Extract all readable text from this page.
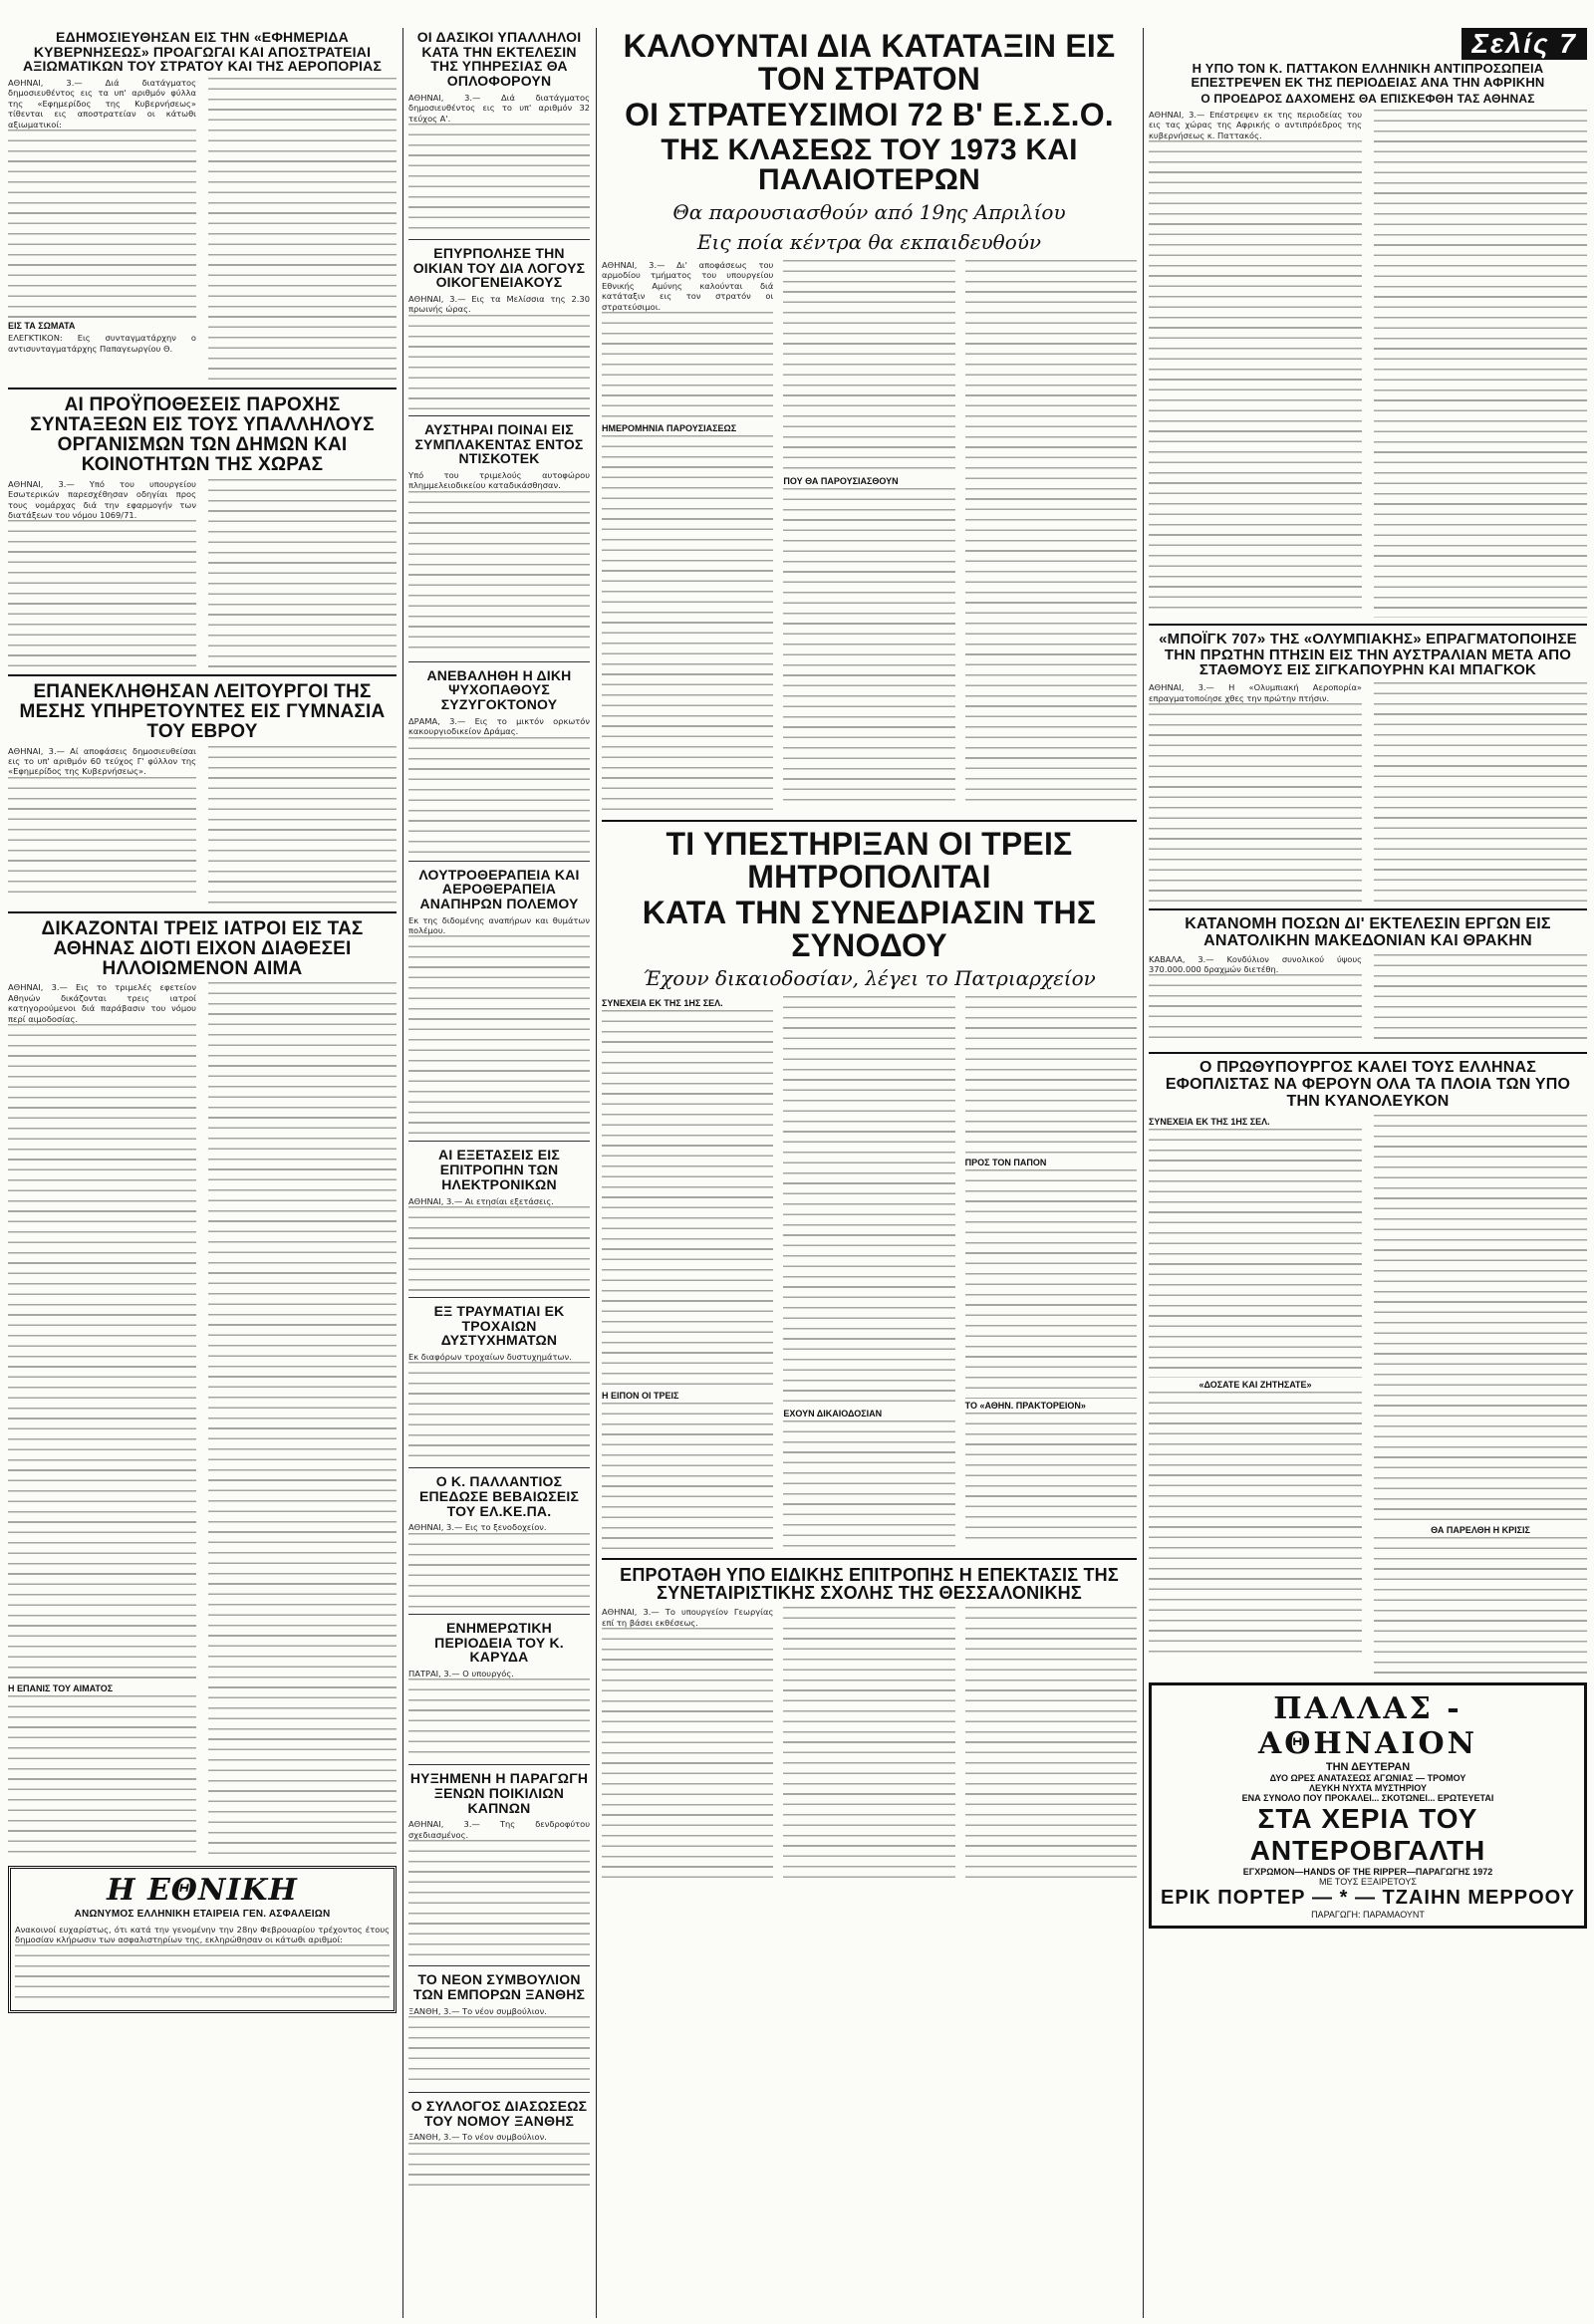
ΕΔΗΜΟΣΙΕΥΘΗΣΑΝ ΕΙΣ ΤΗΝ «ΕΦΗΜΕΡΙΔΑ ΚΥΒΕΡΝΗΣΕΩΣ» ΠΡΟΑΓΩΓΑΙ ΚΑΙ ΑΠΟΣΤΡΑΤΕΙΑΙ ΑΞΙΩΜΑΤΙΚΩΝ ΤΟΥ ΣΤΡΑΤΟΥ ΚΑΙ ΤΗΣ ΑΕΡΟΠΟΡΙΑΣ
ΑΘΗΝΑΙ, 3.— Διά διατάγματος δημοσιευθέντος εις τα υπ' αριθμόν φύλλα της «Εφημερίδος της Κυβερνήσεως» τίθενται εις αποστρατείαν οι κάτωθι αξιωματικοί:
ΕΙΣ ΤΑ ΣΩΜΑΤΑ
ΕΛΕΓΚΤΙΚΟΝ: Εις συνταγματάρχην ο αντισυνταγματάρχης Παπαγεωργίου Θ.
ΑΙ ΠΡΟΫΠΟΘΕΣΕΙΣ ΠΑΡΟΧΗΣ ΣΥΝΤΑΞΕΩΝ ΕΙΣ ΤΟΥΣ ΥΠΑΛΛΗΛΟΥΣ ΟΡΓΑΝΙΣΜΩΝ ΤΩΝ ΔΗΜΩΝ ΚΑΙ ΚΟΙΝΟΤΗΤΩΝ ΤΗΣ ΧΩΡΑΣ
ΑΘΗΝΑΙ, 3.— Υπό του υπουργείου Εσωτερικών παρεσχέθησαν οδηγίαι προς τους νομάρχας διά την εφαρμογήν των διατάξεων του νόμου 1069/71.
ΕΠΑΝΕΚΛΗΘΗΣΑΝ ΛΕΙΤΟΥΡΓΟΙ ΤΗΣ ΜΕΣΗΣ ΥΠΗΡΕΤΟΥΝΤΕΣ ΕΙΣ ΓΥΜΝΑΣΙΑ ΤΟΥ ΕΒΡΟΥ
ΑΘΗΝΑΙ, 3.— Αί αποφάσεις δημοσιευθείσαι εις το υπ' αριθμόν 60 τεύχος Γ' φύλλον της «Εφημερίδος της Κυβερνήσεως».
ΔΙΚΑΖΟΝΤΑΙ ΤΡΕΙΣ ΙΑΤΡΟΙ ΕΙΣ ΤΑΣ ΑΘΗΝΑΣ ΔΙΟΤΙ ΕΙΧΟΝ ΔΙΑΘΕΣΕΙ ΗΛΛΟΙΩΜΕΝΟΝ ΑΙΜΑ
ΑΘΗΝΑΙ, 3.— Εις το τριμελές εφετείον Αθηνών δικάζονται τρεις ιατροί κατηγορούμενοι διά παράβασιν του νόμου περί αιμοδοσίας.
Η ΕΠΑΝΙΣ ΤΟΥ ΑΙΜΑΤΟΣ
Η ΕΘΝΙΚΗ
ΑΝΩΝΥΜΟΣ ΕΛΛΗΝΙΚΗ ΕΤΑΙΡΕΙΑ ΓΕΝ. ΑΣΦΑΛΕΙΩΝ
Ανακοινοί ευχαρίστως, ότι κατά την γενομένην την 28ην Φεβρουαρίου τρέχοντος έτους δημοσίαν κλήρωσιν των ασφαλιστηρίων της, εκληρώθησαν οι κάτωθι αριθμοί:
ΟΙ ΔΑΣΙΚΟΙ ΥΠΑΛΛΗΛΟΙ ΚΑΤΑ ΤΗΝ ΕΚΤΕΛΕΣΙΝ ΤΗΣ ΥΠΗΡΕΣΙΑΣ ΘΑ ΟΠΛΟΦΟΡΟΥΝ
ΑΘΗΝΑΙ, 3.— Διά διατάγματος δημοσιευθέντος εις το υπ' αριθμόν 32 τεύχος Α'.
ΕΠΥΡΠΟΛΗΣΕ ΤΗΝ ΟΙΚΙΑΝ ΤΟΥ ΔΙΑ ΛΟΓΟΥΣ ΟΙΚΟΓΕΝΕΙΑΚΟΥΣ
ΑΘΗΝΑΙ, 3.— Εις τα Μελίσσια της 2.30 πρωινής ώρας.
ΑΥΣΤΗΡΑΙ ΠΟΙΝΑΙ ΕΙΣ ΣΥΜΠΛΑΚΕΝΤΑΣ ΕΝΤΟΣ ΝΤΙΣΚΟΤΕΚ
Υπό του τριμελούς αυτοφώρου πλημμελειοδικείου καταδικάσθησαν.
ΑΝΕΒΑΛΗΘΗ Η ΔΙΚΗ ΨΥΧΟΠΑΘΟΥΣ ΣΥΖΥΓΟΚΤΟΝΟΥ
ΔΡΑΜΑ, 3.— Εις το μικτόν ορκωτόν κακουργιοδικείον Δράμας.
ΛΟΥΤΡΟΘΕΡΑΠΕΙΑ ΚΑΙ ΑΕΡΟΘΕΡΑΠΕΙΑ ΑΝΑΠΗΡΩΝ ΠΟΛΕΜΟΥ
Εκ της διδομένης αναπήρων και θυμάτων πολέμου.
ΑΙ ΕΞΕΤΑΣΕΙΣ ΕΙΣ ΕΠΙΤΡΟΠΗΝ ΤΩΝ ΗΛΕΚΤΡΟΝΙΚΩΝ
ΑΘΗΝΑΙ, 3.— Αι ετησίαι εξετάσεις.
ΕΞ ΤΡΑΥΜΑΤΙΑΙ ΕΚ ΤΡΟΧΑΙΩΝ ΔΥΣΤΥΧΗΜΑΤΩΝ
Εκ διαφόρων τροχαίων δυστυχημάτων.
Ο Κ. ΠΑΛΛΑΝΤΙΟΣ ΕΠΕΔΩΣΕ ΒΕΒΑΙΩΣΕΙΣ ΤΟΥ ΕΛ.ΚΕ.ΠΑ.
ΑΘΗΝΑΙ, 3.— Εις το ξενοδοχείον.
ΕΝΗΜΕΡΩΤΙΚΗ ΠΕΡΙΟΔΕΙΑ ΤΟΥ Κ. ΚΑΡΥΔΑ
ΠΑΤΡΑΙ, 3.— Ο υπουργός.
ΗΥΞΗΜΕΝΗ Η ΠΑΡΑΓΩΓΗ ΞΕΝΩΝ ΠΟΙΚΙΛΙΩΝ ΚΑΠΝΩΝ
ΑΘΗΝΑΙ, 3.— Της δενδροφύτου σχεδιασμένος.
ΤΟ ΝΕΟΝ ΣΥΜΒΟΥΛΙΟΝ ΤΩΝ ΕΜΠΟΡΩΝ ΞΑΝΘΗΣ
ΞΑΝΘΗ, 3.— Το νέον συμβούλιον.
Ο ΣΥΛΛΟΓΟΣ ΔΙΑΣΩΣΕΩΣ ΤΟΥ ΝΟΜΟΥ ΞΑΝΘΗΣ
ΞΑΝΘΗ, 3.— Το νέον συμβούλιον.
ΚΑΛΟΥΝΤΑΙ ΔΙΑ ΚΑΤΑΤΑΞΙΝ ΕΙΣ ΤΟΝ ΣΤΡΑΤΟΝ
ΟΙ ΣΤΡΑΤΕΥΣΙΜΟΙ 72 Β' Ε.Σ.Σ.Ο.
ΤΗΣ ΚΛΑΣΕΩΣ ΤΟΥ 1973 ΚΑΙ ΠΑΛΑΙΟΤΕΡΩΝ
Θα παρουσιασθούν από 19ης Απριλίου
Εις ποία κέντρα θα εκπαιδευθούν
ΑΘΗΝΑΙ, 3.— Δι' αποφάσεως του αρμοδίου τμήματος του υπουργείου Εθνικής Αμύνης καλούνται διά κατάταξιν εις τον στρατόν οι στρατεύσιμοι.
ΗΜΕΡΟΜΗΝΙΑ ΠΑΡΟΥΣΙΑΣΕΩΣ
ΠΟΥ ΘΑ ΠΑΡΟΥΣΙΑΣΘΟΥΝ
ΤΙ ΥΠΕΣΤΗΡΙΞΑΝ ΟΙ ΤΡΕΙΣ ΜΗΤΡΟΠΟΛΙΤΑΙ
ΚΑΤΑ ΤΗΝ ΣΥΝΕΔΡΙΑΣΙΝ ΤΗΣ ΣΥΝΟΔΟΥ
Έχουν δικαιοδοσίαν, λέγει το Πατριαρχείον
ΣΥΝΕΧΕΙΑ ΕΚ ΤΗΣ 1ΗΣ ΣΕΛ.
Η ΕΙΠΟΝ ΟΙ ΤΡΕΙΣ
ΕΧΟΥΝ ΔΙΚΑΙΟΔΟΣΙΑΝ
ΠΡΟΣ ΤΟΝ ΠΑΠΟΝ
ΤΟ «ΑΘΗΝ. ΠΡΑΚΤΟΡΕΙΟΝ»
ΕΠΡΟΤΑΘΗ ΥΠΟ ΕΙΔΙΚΗΣ ΕΠΙΤΡΟΠΗΣ Η ΕΠΕΚΤΑΣΙΣ ΤΗΣ ΣΥΝΕΤΑΙΡΙΣΤΙΚΗΣ ΣΧΟΛΗΣ ΤΗΣ ΘΕΣΣΑΛΟΝΙΚΗΣ
ΑΘΗΝΑΙ, 3.— Το υπουργείον Γεωργίας επί τη βάσει εκθέσεως.
Σελίς 7
Η ΥΠΟ ΤΟΝ Κ. ΠΑΤΤΑΚΟΝ ΕΛΛΗΝΙΚΗ ΑΝΤΙΠΡΟΣΩΠΕΙΑ ΕΠΕΣΤΡΕΨΕΝ ΕΚ ΤΗΣ ΠΕΡΙΟΔΕΙΑΣ ΑΝΑ ΤΗΝ ΑΦΡΙΚΗΝ
Ο ΠΡΟΕΔΡΟΣ ΔΑΧΟΜΕΗΣ ΘΑ ΕΠΙΣΚΕΦΘΗ ΤΑΣ ΑΘΗΝΑΣ
ΑΘΗΝΑΙ, 3.— Επέστρεψεν εκ της περιοδείας του εις τας χώρας της Αφρικής ο αντιπρόεδρος της κυβερνήσεως κ. Παττακός.
«ΜΠΟΪΓΚ 707» ΤΗΣ «ΟΛΥΜΠΙΑΚΗΣ» ΕΠΡΑΓΜΑΤΟΠΟΙΗΣΕ ΤΗΝ ΠΡΩΤΗΝ ΠΤΗΣΙΝ ΕΙΣ ΤΗΝ ΑΥΣΤΡΑΛΙΑΝ ΜΕΤΑ ΑΠΟ ΣΤΑΘΜΟΥΣ ΕΙΣ ΣΙΓΚΑΠΟΥΡΗΝ ΚΑΙ ΜΠΑΓΚΟΚ
ΑΘΗΝΑΙ, 3.— Η «Ολυμπιακή Αεροπορία» επραγματοποίησε χθες την πρώτην πτήσιν.
ΚΑΤΑΝΟΜΗ ΠΟΣΩΝ ΔΙ' ΕΚΤΕΛΕΣΙΝ ΕΡΓΩΝ ΕΙΣ ΑΝΑΤΟΛΙΚΗΝ ΜΑΚΕΔΟΝΙΑΝ ΚΑΙ ΘΡΑΚΗΝ
ΚΑΒΑΛΑ, 3.— Κονδύλιον συνολικού ύψους 370.000.000 δραχμών διετέθη.
Ο ΠΡΩΘΥΠΟΥΡΓΟΣ ΚΑΛΕΙ ΤΟΥΣ ΕΛΛΗΝΑΣ ΕΦΟΠΛΙΣΤΑΣ ΝΑ ΦΕΡΟΥΝ ΟΛΑ ΤΑ ΠΛΟΙΑ ΤΩΝ ΥΠΟ ΤΗΝ ΚΥΑΝΟΛΕΥΚΟΝ
ΣΥΝΕΧΕΙΑ ΕΚ ΤΗΣ 1ΗΣ ΣΕΛ.
«ΔΟΣΑΤΕ ΚΑΙ ΖΗΤΗΣΑΤΕ»
ΘΑ ΠΑΡΕΛΘΗ Η ΚΡΙΣΙΣ
ΠΑΛΛΑΣ - ΑΘΗΝΑΙΟΝ
ΤΗΝ ΔΕΥΤΕΡΑΝ
ΔΥΟ ΩΡΕΣ ΑΝΑΤΑΣΕΩΣ ΑΓΩΝΙΑΣ — ΤΡΟΜΟΥ
ΛΕΥΚΗ ΝΥΧΤΑ ΜΥΣΤΗΡΙΟΥ
ΕΝΑ ΣΥΝΟΛΟ ΠΟΥ ΠΡΟΚΑΛΕΙ... ΣΚΟΤΩΝΕΙ... ΕΡΩΤΕΥΕΤΑΙ
ΣΤΑ ΧΕΡΙΑ ΤΟΥ ΑΝΤΕΡΟΒΓΑΛΤΗ
ΕΓΧΡΩΜΟΝ—HANDS OF THE RIPPER—ΠΑΡΑΓΩΓΗΣ 1972
ΜΕ ΤΟΥΣ ΕΞΑΙΡΕΤΟΥΣ
ΕΡΙΚ ΠΟΡΤΕΡ — * — ΤΖΑΙΗΝ ΜΕΡΡΟΟΥ
ΠΑΡΑΓΩΓΗ: ΠΑΡΑΜΑΟΥΝΤ
